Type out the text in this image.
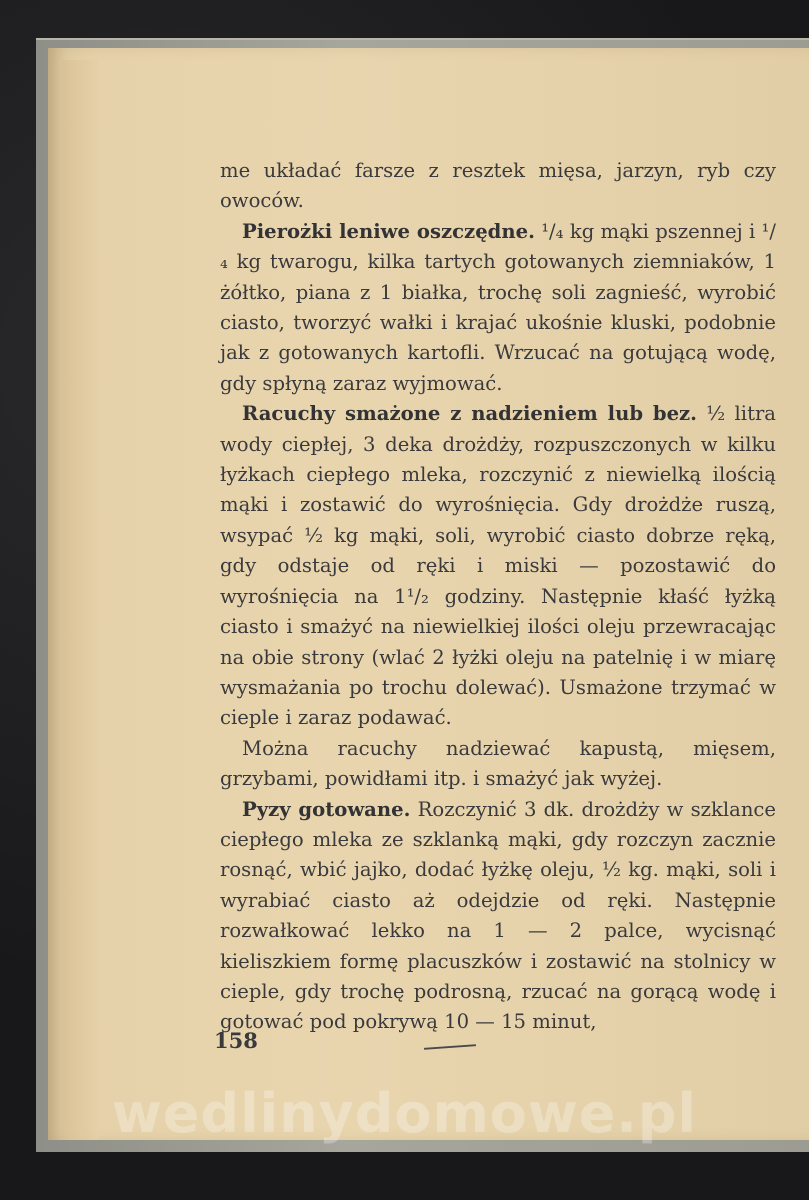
me układać farsze z resztek mięsa, jarzyn, ryb czy owoców.

Pierożki leniwe oszczędne. ¹/₄ kg mąki pszennej i ¹/₄ kg twarogu, kilka tartych gotowanych ziemniaków, 1 żółtko, piana z 1 białka, trochę soli zagnieść, wyrobić ciasto, tworzyć wałki i krajać ukośnie kluski, podobnie jak z gotowanych kartofli. Wrzucać na gotującą wodę, gdy spłyną zaraz wyjmować.

Racuchy smażone z nadzieniem lub bez. ½ litra wody ciepłej, 3 deka drożdży, rozpuszczonych w kilku łyżkach ciepłego mleka, rozczynić z niewielką ilością mąki i zostawić do wyrośnięcia. Gdy drożdże ruszą, wsypać ½ kg mąki, soli, wyrobić ciasto dobrze ręką, gdy odstaje od ręki i miski — pozostawić do wyrośnięcia na 1¹/₂ godziny. Następnie kłaść łyżką ciasto i smażyć na niewielkiej ilości oleju przewracając na obie strony (wlać 2 łyżki oleju na patelnię i w miarę wysmażania po trochu dolewać). Usmażone trzymać w cieple i zaraz podawać.

Można racuchy nadziewać kapustą, mięsem, grzybami, powidłami itp. i smażyć jak wyżej.

Pyzy gotowane. Rozczynić 3 dk. drożdży w szklance ciepłego mleka ze szklanką mąki, gdy rozczyn zacznie rosnąć, wbić jajko, dodać łyżkę oleju, ½ kg. mąki, soli i wyrabiać ciasto aż odejdzie od ręki. Następnie rozwałkować lekko na 1 — 2 palce, wycisnąć kieliszkiem formę placuszków i zostawić na stolnicy w cieple, gdy trochę podrosną, rzucać na gorącą wodę i gotować pod pokrywą 10 — 15 minut,

158
wedlinydomowe.pl
